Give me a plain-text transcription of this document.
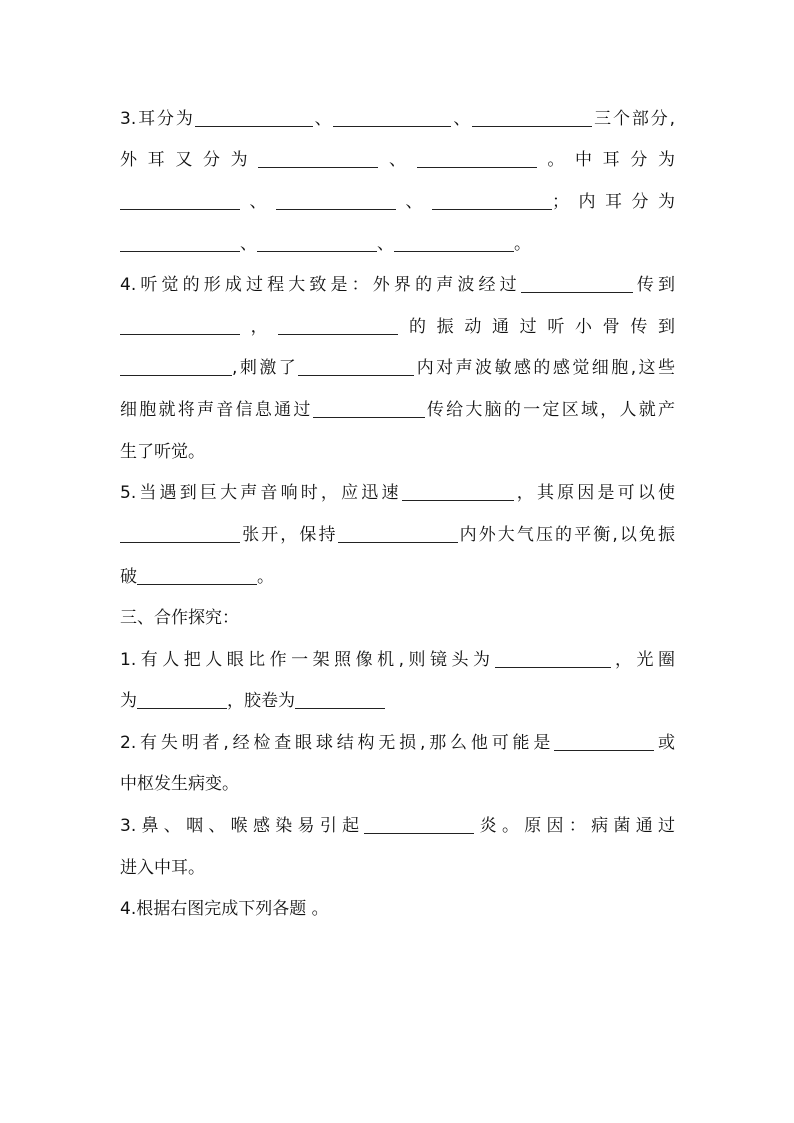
3.耳分为	、	、	三个部分,
外耳又分为	、	。中耳分为
、	、	；内耳分为
、	、	。
4.听觉的形成过程大致是：外界的声波经过	传到
，	的振动通过听小骨传到
,刺激了	内对声波敏感的感觉细胞,这些
细胞就将声音信息通过	传给大脑的一定区域，人就产
生了听觉。
5.当遇到巨大声音响时，应迅速	，其原因是可以使
张开，保持	内外大气压的平衡,以免振
破	。
三、合作探究：
1.有人把人眼比作一架照像机,则镜头为	，光圈
为	，胶卷为
2.有失明者,经检查眼球结构无损,那么他可能是	或
中枢发生病变。
3.鼻、咽、喉感染易引起	炎。原因：病菌通过
进入中耳。
4.根据右图完成下列各题 。
